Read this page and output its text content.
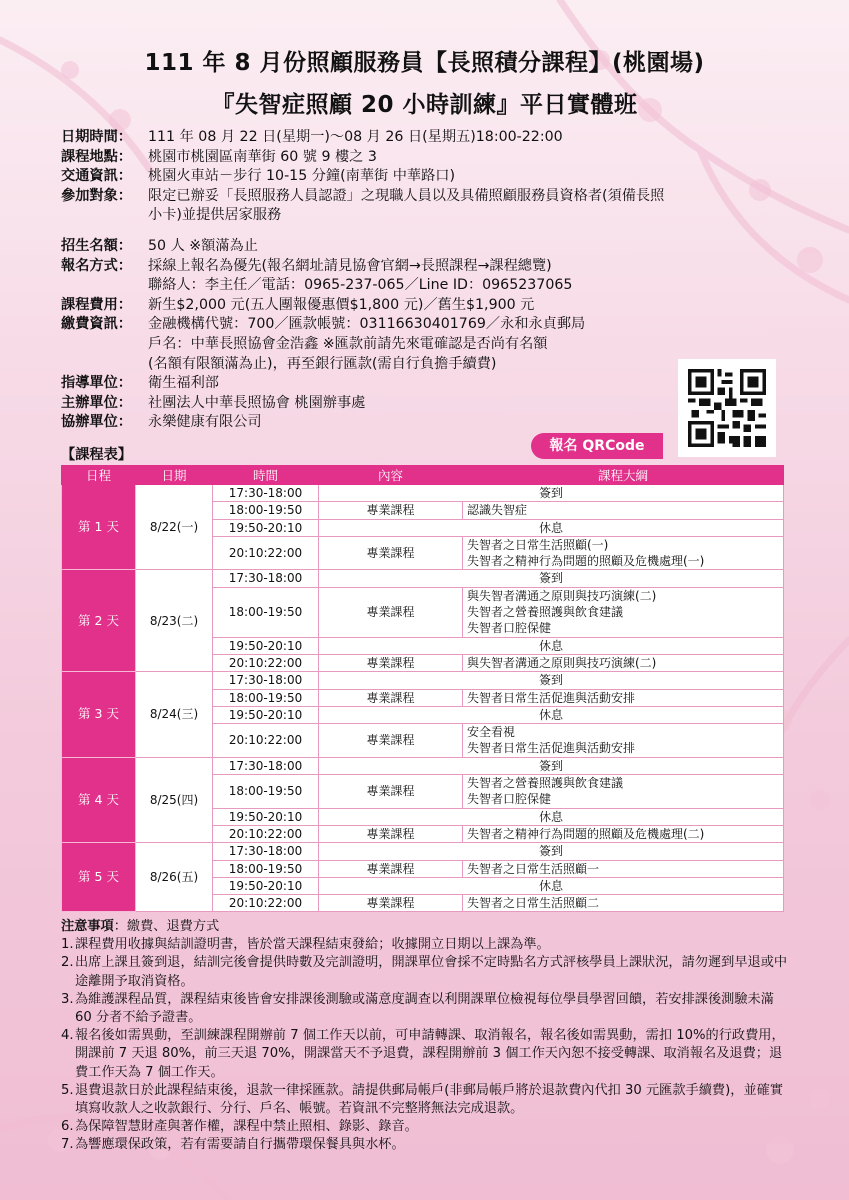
111 年 8 月份照顧服務員【長照積分課程】(桃園場)
『失智症照顧 20 小時訓練』平日實體班
日期時間：	111 年 08 月 22 日(星期一)～08 月 26 日(星期五)18:00-22:00
課程地點：	桃園市桃園區南華街 60 號 9 樓之 3
交通資訊：	桃園火車站－步行 10-15 分鐘(南華街 中華路口)
參加對象：	限定已辦妥「長照服務人員認證」之現職人員以及具備照顧服務員資格者(須備長照
小卡)並提供居家服務
招生名額：	50 人 ※額滿為止
報名方式：	採線上報名為優先(報名網址請見協會官網→長照課程→課程總覽)
聯絡人：李主任／電話：0965-237-065／Line ID：0965237065
課程費用：	新生$2,000 元(五人團報優惠價$1,800 元)／舊生$1,900 元
繳費資訊：	金融機構代號：700／匯款帳號：03116630401769／永和永貞郵局
戶名：中華長照協會金浩鑫 ※匯款前請先來電確認是否尚有名額
(名額有限額滿為止)，再至銀行匯款(需自行負擔手續費)
指導單位：	衛生福利部
主辦單位：	社團法人中華長照協會 桃園辦事處
協辦單位：	永樂健康有限公司
報名 QRCode
【課程表】
日程	日期	時間	內容	課程大綱
第 1 天	8/22(一)	17:30-18:00	簽到	
		18:00-19:50	專業課程	認識失智症

		19:50-20:10	休息	
		20:10:22:00	專業課程	失智者之日常生活照顧(一)
失智者之精神行為問題的照顧及危機處理(一)

第 2 天	8/23(二)	17:30-18:00	簽到	
		18:00-19:50	專業課程	與失智者溝通之原則與技巧演練(二)
失智者之營養照護與飲食建議
失智者口腔保健

		19:50-20:10	休息	
		20:10:22:00	專業課程	與失智者溝通之原則與技巧演練(二)

第 3 天	8/24(三)	17:30-18:00	簽到	
		18:00-19:50	專業課程	失智者日常生活促進與活動安排

		19:50-20:10	休息	
		20:10:22:00	專業課程	安全看視
失智者日常生活促進與活動安排

第 4 天	8/25(四)	17:30-18:00	簽到	
		18:00-19:50	專業課程	失智者之營養照護與飲食建議
失智者口腔保健

		19:50-20:10	休息	
		20:10:22:00	專業課程	失智者之精神行為問題的照顧及危機處理(二)

第 5 天	8/26(五)	17:30-18:00	簽到	
		18:00-19:50	專業課程	失智者之日常生活照顧一

		19:50-20:10	休息	
		20:10:22:00	專業課程	失智者之日常生活照顧二
注意事項：繳費、退費方式
1. 課程費用收據與結訓證明書，皆於當天課程結束發給；收據開立日期以上課為準。
2. 出席上課且簽到退，結訓完後會提供時數及完訓證明，開課單位會採不定時點名方式評核學員上課狀況，請勿遲到早退或中途離開予取消資格。
3. 為維護課程品質，課程結束後皆會安排課後測驗或滿意度調查以利開課單位檢視每位學員學習回饋，若安排課後測驗未滿 60 分者不給予證書。
4. 報名後如需異動，至訓練課程開辦前 7 個工作天以前，可申請轉課、取消報名，報名後如需異動，需扣 10%的行政費用，開課前 7 天退 80%，前三天退 70%，開課當天不予退費，課程開辦前 3 個工作天內恕不接受轉課、取消報名及退費；退費工作天為 7 個工作天。
5. 退費退款日於此課程結束後，退款一律採匯款。請提供郵局帳戶(非郵局帳戶將於退款費內代扣 30 元匯款手續費)，並確實填寫收款人之收款銀行、分行、戶名、帳號。若資訊不完整將無法完成退款。
6. 為保障智慧財產與著作權，課程中禁止照相、錄影、錄音。
7. 為響應環保政策，若有需要請自行攜帶環保餐具與水杯。
